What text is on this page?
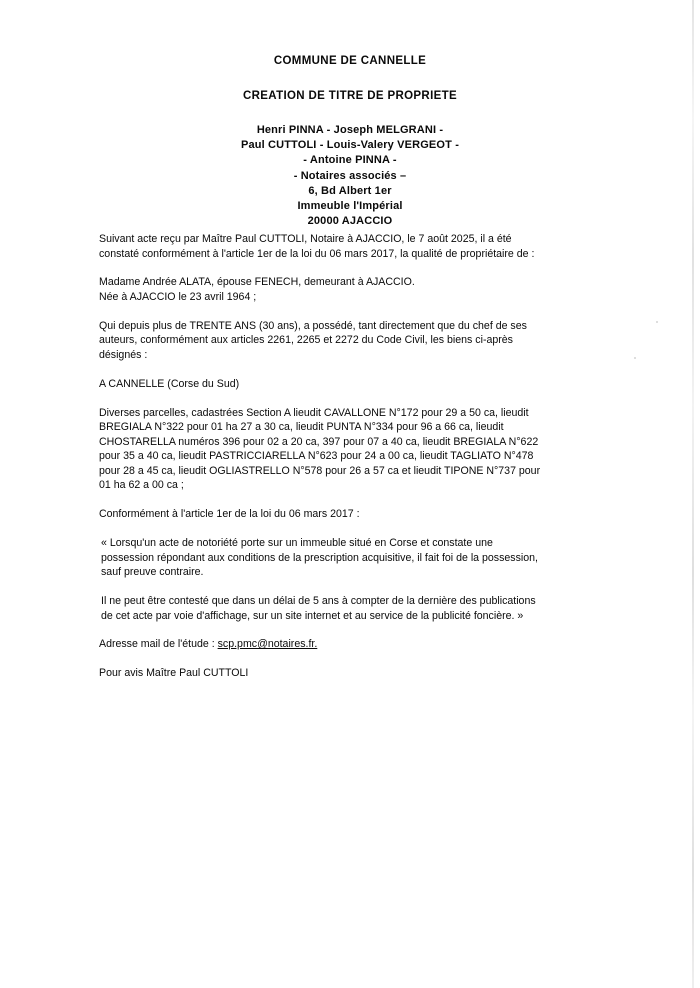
COMMUNE DE CANNELLE
CREATION DE TITRE DE PROPRIETE
Henri PINNA - Joseph MELGRANI -
Paul CUTTOLI - Louis-Valery VERGEOT -
- Antoine PINNA -
- Notaires associés –
6, Bd Albert 1er
Immeuble l'Impérial
20000 AJACCIO

Suivant acte reçu par Maître Paul CUTTOLI, Notaire à AJACCIO, le 7 août 2025, il a été
constaté conformément à l'article 1er de la loi du 06 mars 2017, la qualité de propriétaire de :

Madame Andrée ALATA, épouse FENECH, demeurant à AJACCIO.
Née à AJACCIO le 23 avril 1964 ;

Qui depuis plus de TRENTE ANS (30 ans), a possédé, tant directement que du chef de ses
auteurs, conformément aux articles 2261, 2265 et 2272 du Code Civil, les biens ci-après
désignés :

A CANNELLE (Corse du Sud)

Diverses parcelles, cadastrées Section A lieudit CAVALLONE N°172 pour 29 a 50 ca, lieudit
BREGIALA N°322 pour 01 ha 27 a 30 ca, lieudit PUNTA N°334 pour 96 a 66 ca, lieudit
CHOSTARELLA numéros 396 pour 02 a 20 ca, 397 pour 07 a 40 ca, lieudit BREGIALA N°622
pour 35 a 40 ca, lieudit PASTRICCIARELLA N°623 pour 24 a 00 ca, lieudit TAGLIATO N°478
pour 28 a 45 ca, lieudit OGLIASTRELLO N°578 pour 26 a 57 ca et lieudit TIPONE N°737 pour
01 ha 62 a 00 ca ;

Conformément à l'article 1er de la loi du 06 mars 2017 :

« Lorsqu'un acte de notoriété porte sur un immeuble situé en Corse et constate une
possession répondant aux conditions de la prescription acquisitive, il fait foi de la possession,
sauf preuve contraire.

Il ne peut être contesté que dans un délai de 5 ans à compter de la dernière des publications
de cet acte par voie d'affichage, sur un site internet et au service de la publicité foncière. »

Adresse mail de l'étude : scp.pmc@notaires.fr.

Pour avis Maître Paul CUTTOLI
